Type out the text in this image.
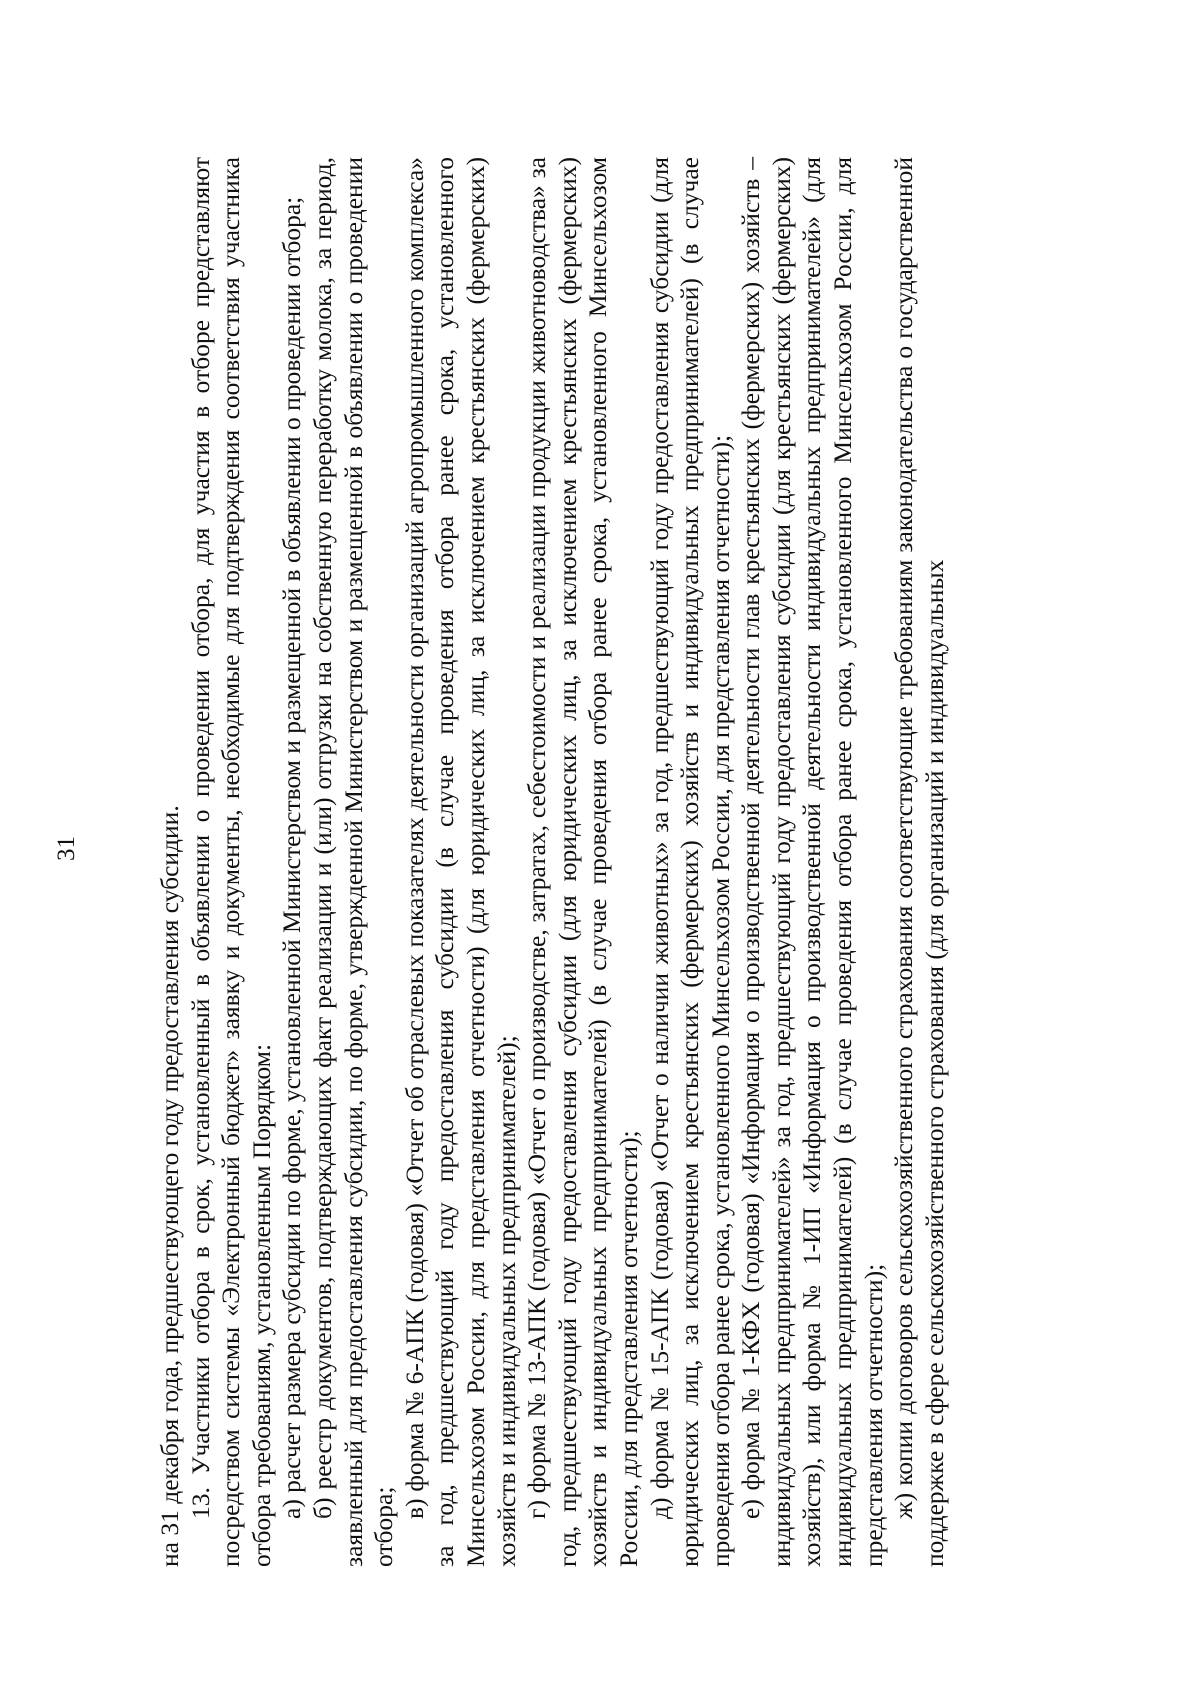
31	на 31 декабря года, предшествующего году предоставления субсидии. 13. Участники отбора в срок, установленный в объявлении о проведении отбора, для участия в отборе представляют посредством системы «Электронный бюджет» заявку и документы, необходимые для подтверждения соответствия участника отбора требованиям, установленным Порядком: а) расчет размера субсидии по форме, установленной Министерством и размещенной в объявлении о проведении отбора; б) реестр документов, подтверждающих факт реализации и (или) отгрузки на собственную переработку молока, за период, заявленный для предоставления субсидии, по форме, утвержденной Министерством и размещенной в объявлении о проведении отбора;

в) форма № 6-АПК (годовая) «Отчет об отраслевых показателях деятельности организаций агропромышленного комплекса» за год, предшествующий году предоставления субсидии (в случае проведения отбора ранее срока, установленного Минсельхозом России, для представления отчетности) (для юридических лиц, за исключением крестьянских (фермерских) хозяйств и индивидуальных предпринимателей); г) форма № 13-АПК (годовая) «Отчет о производстве, затратах, себестоимости и реализации продукции животноводства» за год, предшествующий году предоставления субсидии (для юридических лиц, за исключением крестьянских (фермерских) хозяйств и индивидуальных предпринимателей) (в случае проведения отбора ранее срока, установленного Минсельхозом России, для представления отчетности); д) форма № 15-АПК (годовая) «Отчет о наличии животных» за год, предшествующий году предоставления субсидии (для юридических лиц, за исключением крестьянских (фермерских) хозяйств и индивидуальных предпринимателей) (в случае проведения отбора ранее срока, установленного Минсельхозом России, для представления отчетности); е) форма № 1-КФХ (годовая) «Информация о производственной деятельности глав крестьянских (фермерских) хозяйств – индивидуальных предпринимателей» за год, предшествующий году предоставления субсидии (для крестьянских (фермерских) хозяйств), или форма № 1-ИП «Информация о производственной деятельности индивидуальных предпринимателей» (для индивидуальных предпринимателей) (в случае проведения отбора ранее срока, установленного Минсельхозом России, для представления отчетности); ж) копии договоров сельскохозяйственного страхования соответствующие требованиям законодательства о государственной поддержке в сфере сельскохозяйственного страхования (для организаций и индивидуальных
